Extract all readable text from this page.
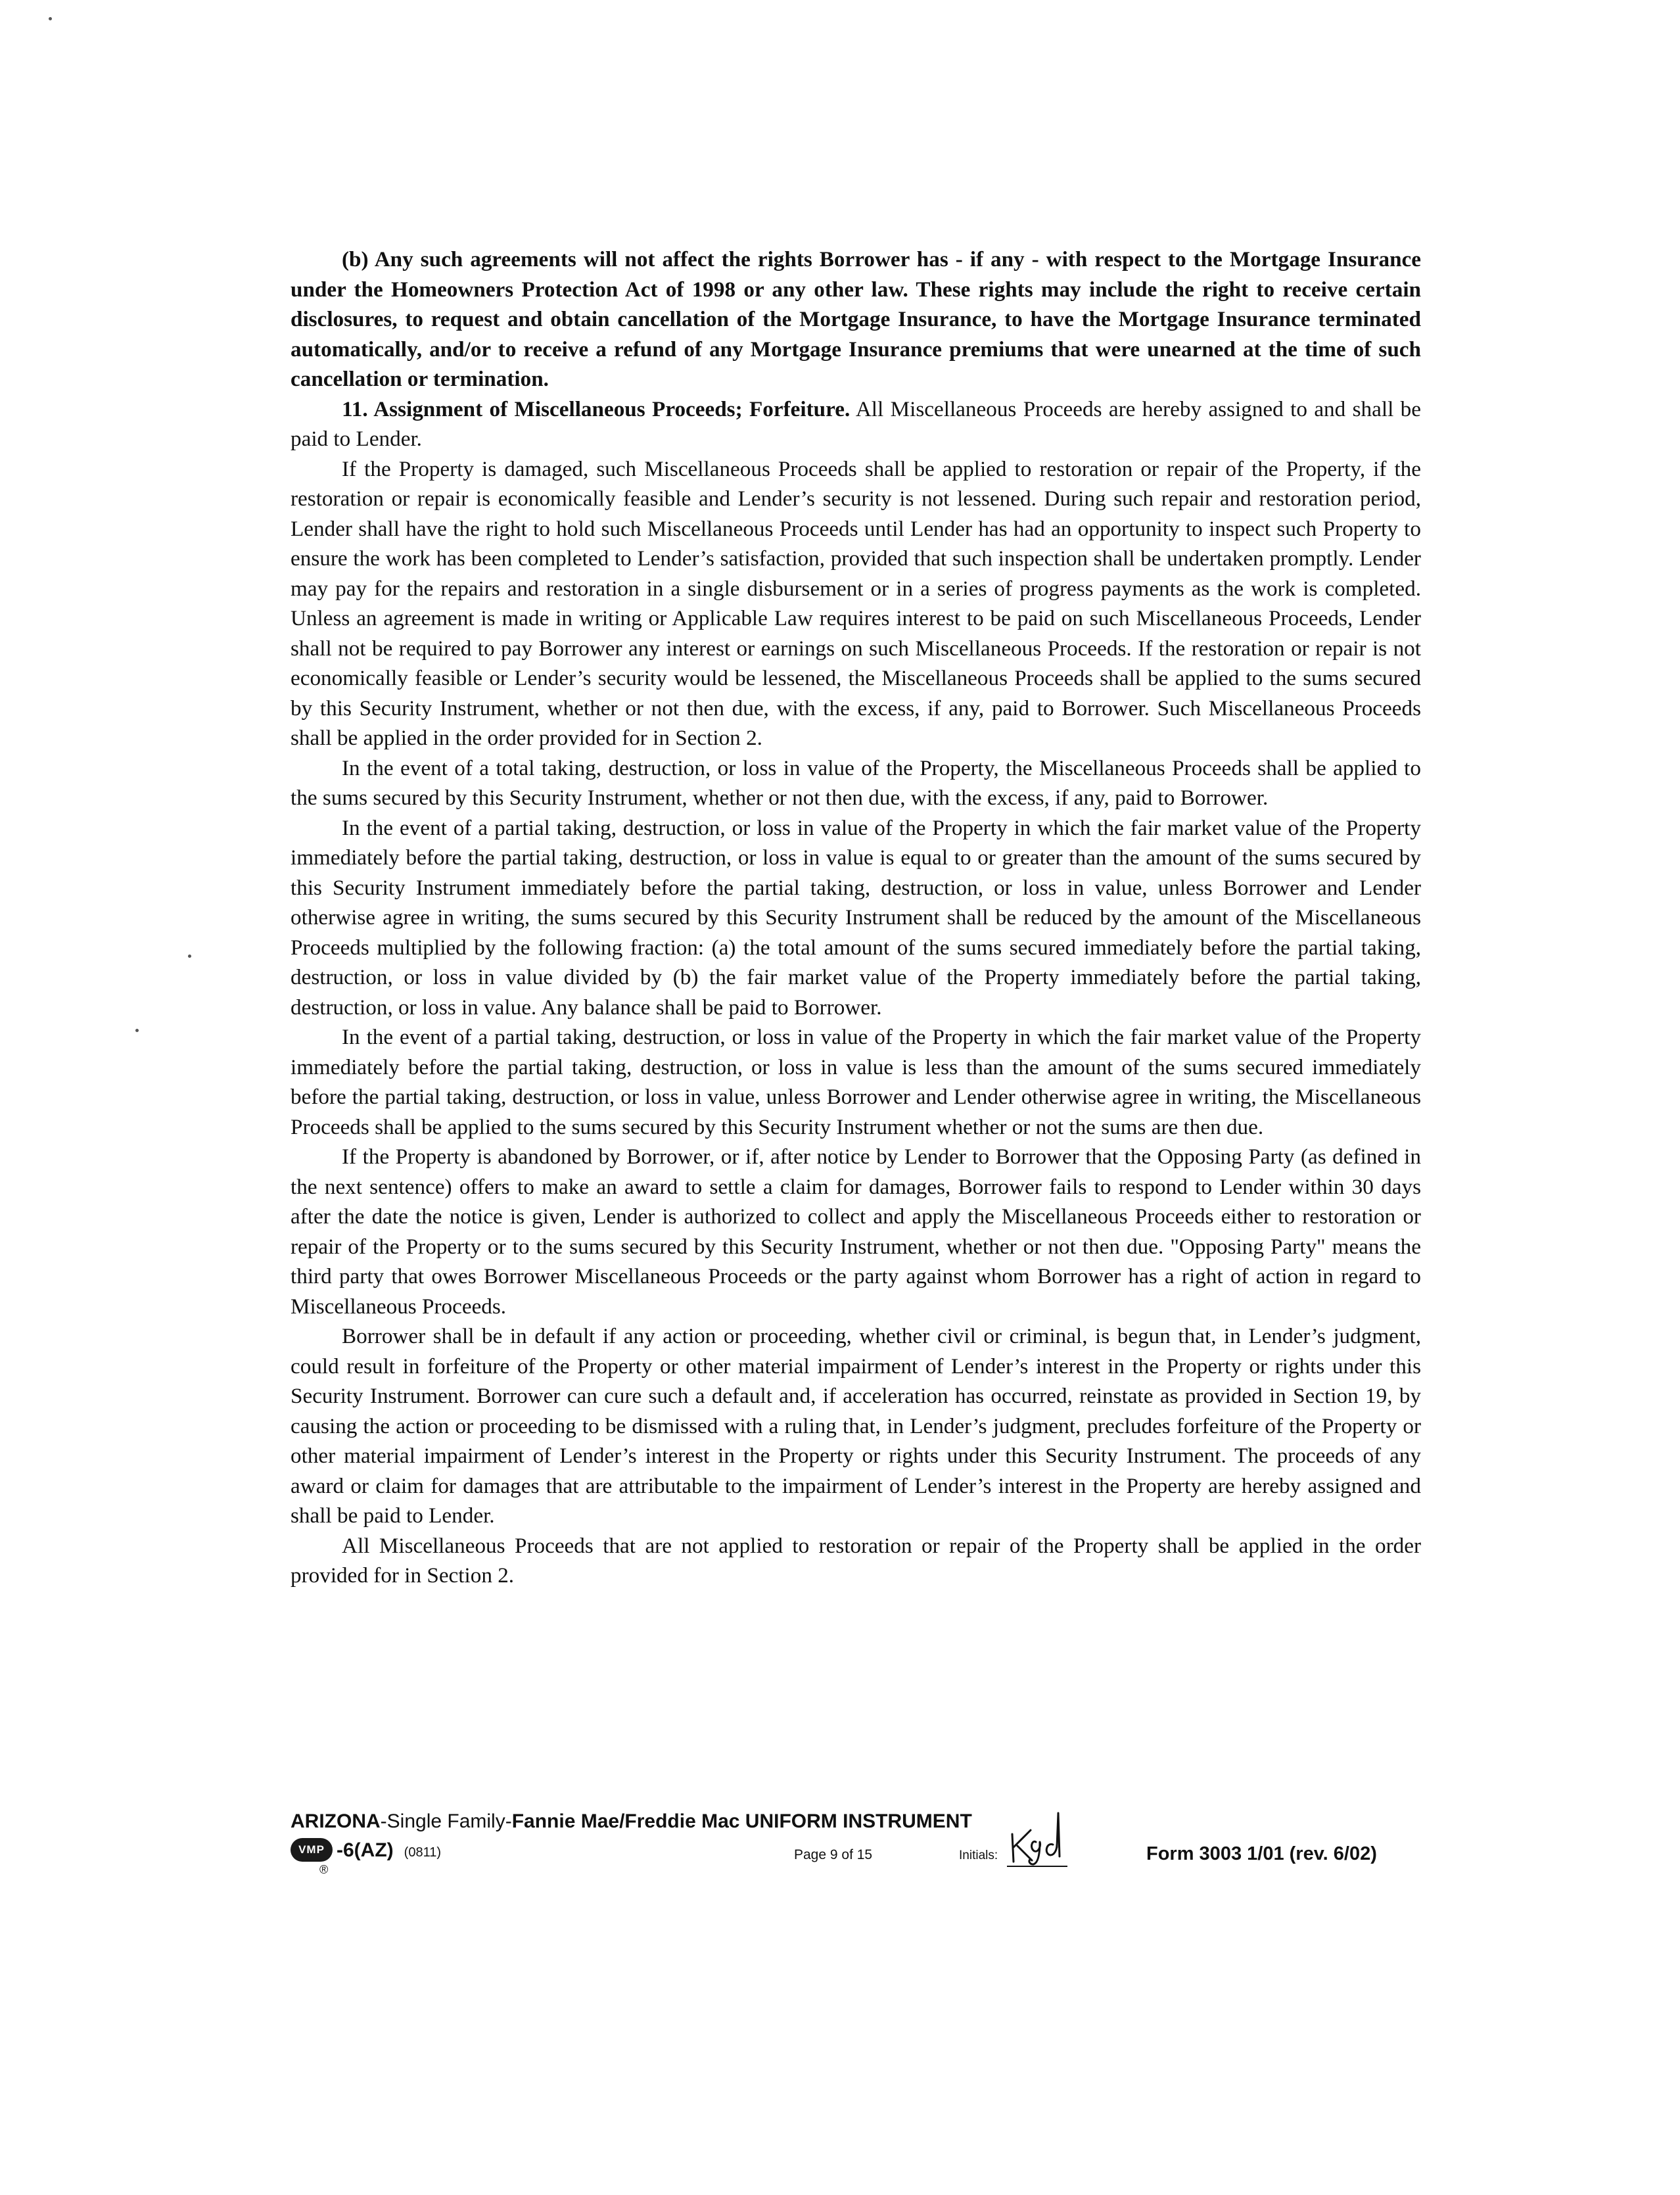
(b) Any such agreements will not affect the rights Borrower has - if any - with respect to the Mortgage Insurance under the Homeowners Protection Act of 1998 or any other law. These rights may include the right to receive certain disclosures, to request and obtain cancellation of the Mortgage Insurance, to have the Mortgage Insurance terminated automatically, and/or to receive a refund of any Mortgage Insurance premiums that were unearned at the time of such cancellation or termination.

11. Assignment of Miscellaneous Proceeds; Forfeiture. All Miscellaneous Proceeds are hereby assigned to and shall be paid to Lender.

If the Property is damaged, such Miscellaneous Proceeds shall be applied to restoration or repair of the Property, if the restoration or repair is economically feasible and Lender’s security is not lessened. During such repair and restoration period, Lender shall have the right to hold such Miscellaneous Proceeds until Lender has had an opportunity to inspect such Property to ensure the work has been completed to Lender’s satisfaction, provided that such inspection shall be undertaken promptly. Lender may pay for the repairs and restoration in a single disbursement or in a series of progress payments as the work is completed. Unless an agreement is made in writing or Applicable Law requires interest to be paid on such Miscellaneous Proceeds, Lender shall not be required to pay Borrower any interest or earnings on such Miscellaneous Proceeds. If the restoration or repair is not economically feasible or Lender’s security would be lessened, the Miscellaneous Proceeds shall be applied to the sums secured by this Security Instrument, whether or not then due, with the excess, if any, paid to Borrower. Such Miscellaneous Proceeds shall be applied in the order provided for in Section 2.

In the event of a total taking, destruction, or loss in value of the Property, the Miscellaneous Proceeds shall be applied to the sums secured by this Security Instrument, whether or not then due, with the excess, if any, paid to Borrower.

In the event of a partial taking, destruction, or loss in value of the Property in which the fair market value of the Property immediately before the partial taking, destruction, or loss in value is equal to or greater than the amount of the sums secured by this Security Instrument immediately before the partial taking, destruction, or loss in value, unless Borrower and Lender otherwise agree in writing, the sums secured by this Security Instrument shall be reduced by the amount of the Miscellaneous Proceeds multiplied by the following fraction: (a) the total amount of the sums secured immediately before the partial taking, destruction, or loss in value divided by (b) the fair market value of the Property immediately before the partial taking, destruction, or loss in value. Any balance shall be paid to Borrower.

In the event of a partial taking, destruction, or loss in value of the Property in which the fair market value of the Property immediately before the partial taking, destruction, or loss in value is less than the amount of the sums secured immediately before the partial taking, destruction, or loss in value, unless Borrower and Lender otherwise agree in writing, the Miscellaneous Proceeds shall be applied to the sums secured by this Security Instrument whether or not the sums are then due.

If the Property is abandoned by Borrower, or if, after notice by Lender to Borrower that the Opposing Party (as defined in the next sentence) offers to make an award to settle a claim for damages, Borrower fails to respond to Lender within 30 days after the date the notice is given, Lender is authorized to collect and apply the Miscellaneous Proceeds either to restoration or repair of the Property or to the sums secured by this Security Instrument, whether or not then due. "Opposing Party" means the third party that owes Borrower Miscellaneous Proceeds or the party against whom Borrower has a right of action in regard to Miscellaneous Proceeds.

Borrower shall be in default if any action or proceeding, whether civil or criminal, is begun that, in Lender’s judgment, could result in forfeiture of the Property or other material impairment of Lender’s interest in the Property or rights under this Security Instrument. Borrower can cure such a default and, if acceleration has occurred, reinstate as provided in Section 19, by causing the action or proceeding to be dismissed with a ruling that, in Lender’s judgment, precludes forfeiture of the Property or other material impairment of Lender’s interest in the Property or rights under this Security Instrument. The proceeds of any award or claim for damages that are attributable to the impairment of Lender’s interest in the Property are hereby assigned and shall be paid to Lender.

All Miscellaneous Proceeds that are not applied to restoration or repair of the Property shall be applied in the order provided for in Section 2.

ARIZONA-Single Family-Fannie Mae/Freddie Mac UNIFORM INSTRUMENT
VMP
®
-6(AZ) (0811)	Page 9 of 15	Initials:	Form 3003 1/01 (rev. 6/02)
